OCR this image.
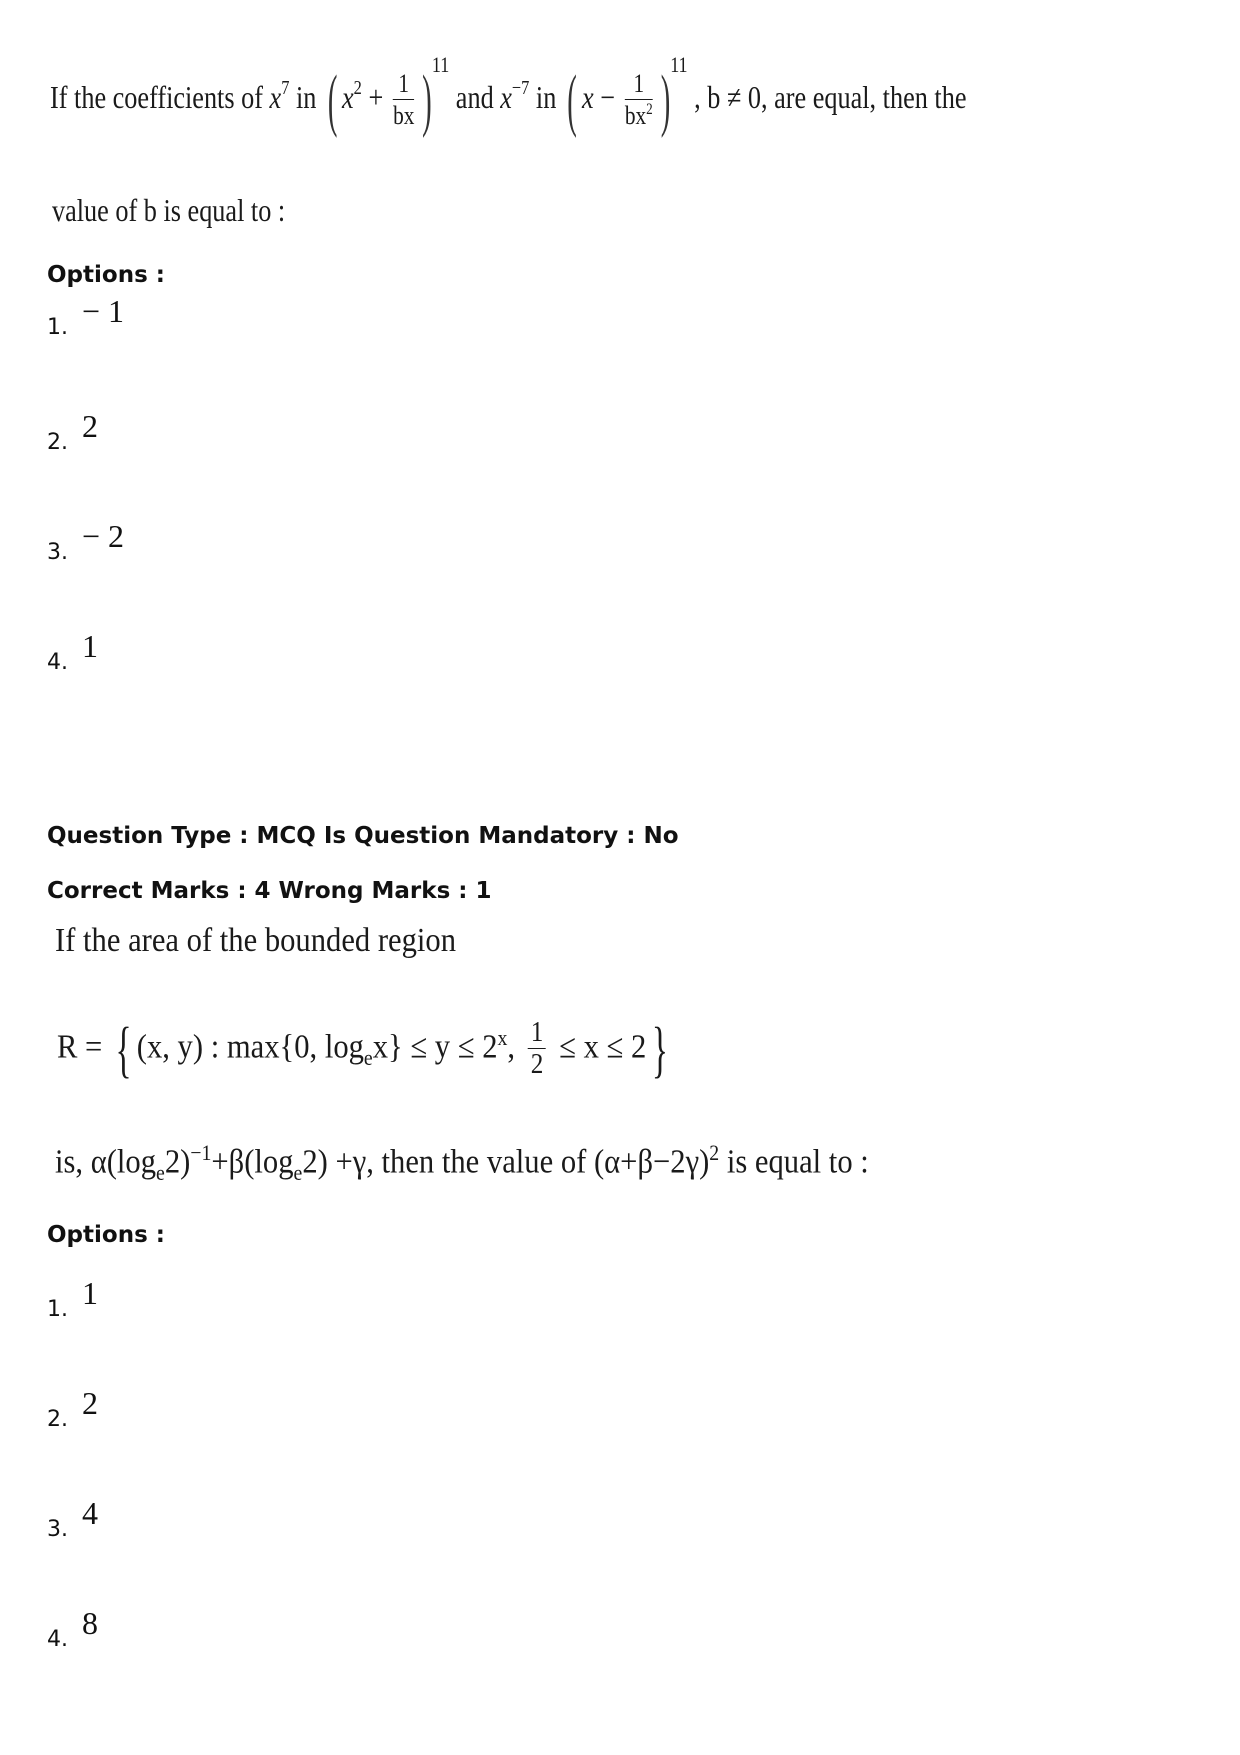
If the coefficients of $x^7$ in ( $x^2 + \frac{1}{bx} )11$ and $x^{-7}$ in ( $x - \frac{1}{bx^2} )11$ , b ≠ 0, are equal, then the
value of b is equal to :
Options :
1. − 1
2. 2
3. − 2
4. 1
Question Type : MCQ Is Question Mandatory : No
Correct Marks : 4 Wrong Marks : 1
If the area of the bounded region
R = { (x, y) : max{0, $\log_ex\} \le y \le 2^x$, $\frac{1}{2} \le x \le 2$}
is, $\alpha(\log_e2)^{-1}+\beta(\log_e2) +\gamma$, then the value of $(\alpha+\beta-2\gamma)^2$ is equal to :
Options :
1. 1
2. 2
3. 4
4. 8
